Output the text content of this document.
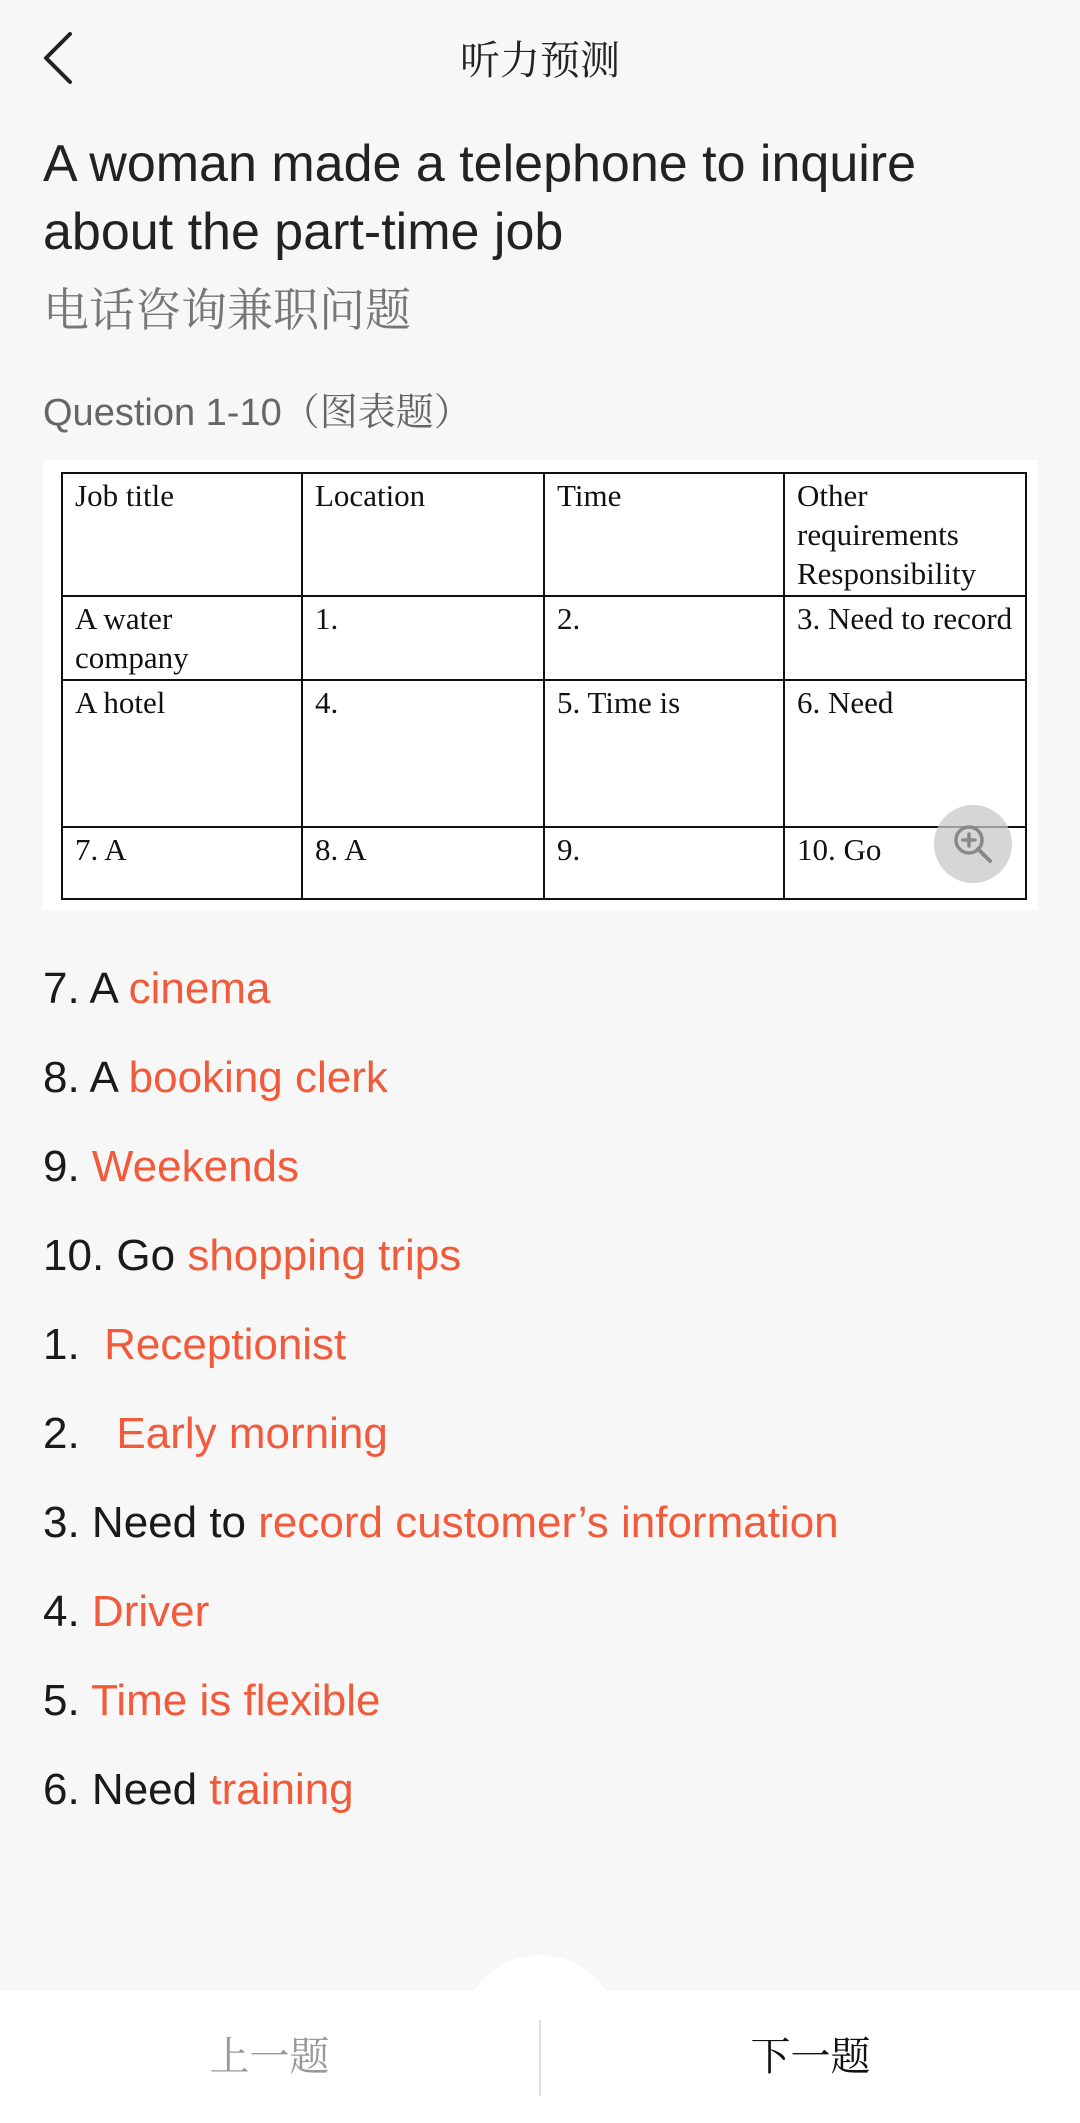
听力预测
A woman made a telephone to inquire about the part-time job
电话咨询兼职问题
Question 1-10（图表题）
Job title	Location	Time	Other requirements Responsibility
A water company	1.	2.	3. Need to record
A hotel	4.	5. Time is	6. Need
7. A	8. A	9.	10. Go
7. A cinema
8. A booking clerk
9. Weekends
10. Go shopping trips
1.  Receptionist
2.   Early morning
3. Need to record customer’s information
4. Driver
5. Time is flexible
6. Need training
上一题	下一题
